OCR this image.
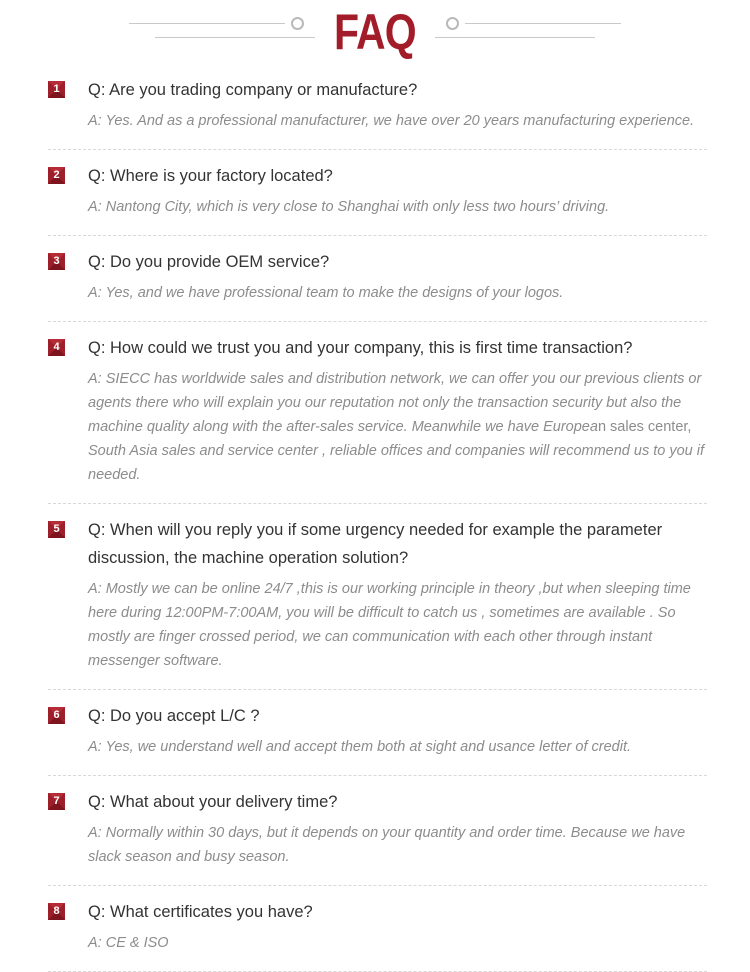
FAQ
1	Q: Are you trading company or manufacture?
A: Yes. And as a professional manufacturer, we have over 20 years manufacturing experience.
2	Q: Where is your factory located?
A: Nantong City, which is very close to Shanghai with only less two hours’ driving.
3	Q: Do you provide OEM service?
A: Yes, and we have professional team to make the designs of your logos.
4	Q: How could we trust you and your company, this is first time transaction?
A: SIECC has worldwide sales and distribution network, we can offer you our previous clients or agents there who will explain you our reputation not only the transaction security but also the machine quality along with the after-sales service. Meanwhile we have European sales center, South Asia sales and service center , reliable offices and companies will recommend us to you if needed.
5	Q: When will you reply you if some urgency needed for example the parameter discussion, the machine operation solution?
A: Mostly we can be online 24/7 ,this is our working principle in theory ,but when sleeping time here during 12:00PM-7:00AM, you will be difficult to catch us , sometimes are available . So mostly are finger crossed period, we can communication with each other through instant messenger software.
6	Q: Do you accept L/C ?
A: Yes, we understand well and accept them both at sight and usance letter of credit.
7	Q: What about your delivery time?
A: Normally within 30 days, but it depends on your quantity and order time. Because we have slack season and busy season.
8	Q: What certificates you have?
A: CE & ISO
